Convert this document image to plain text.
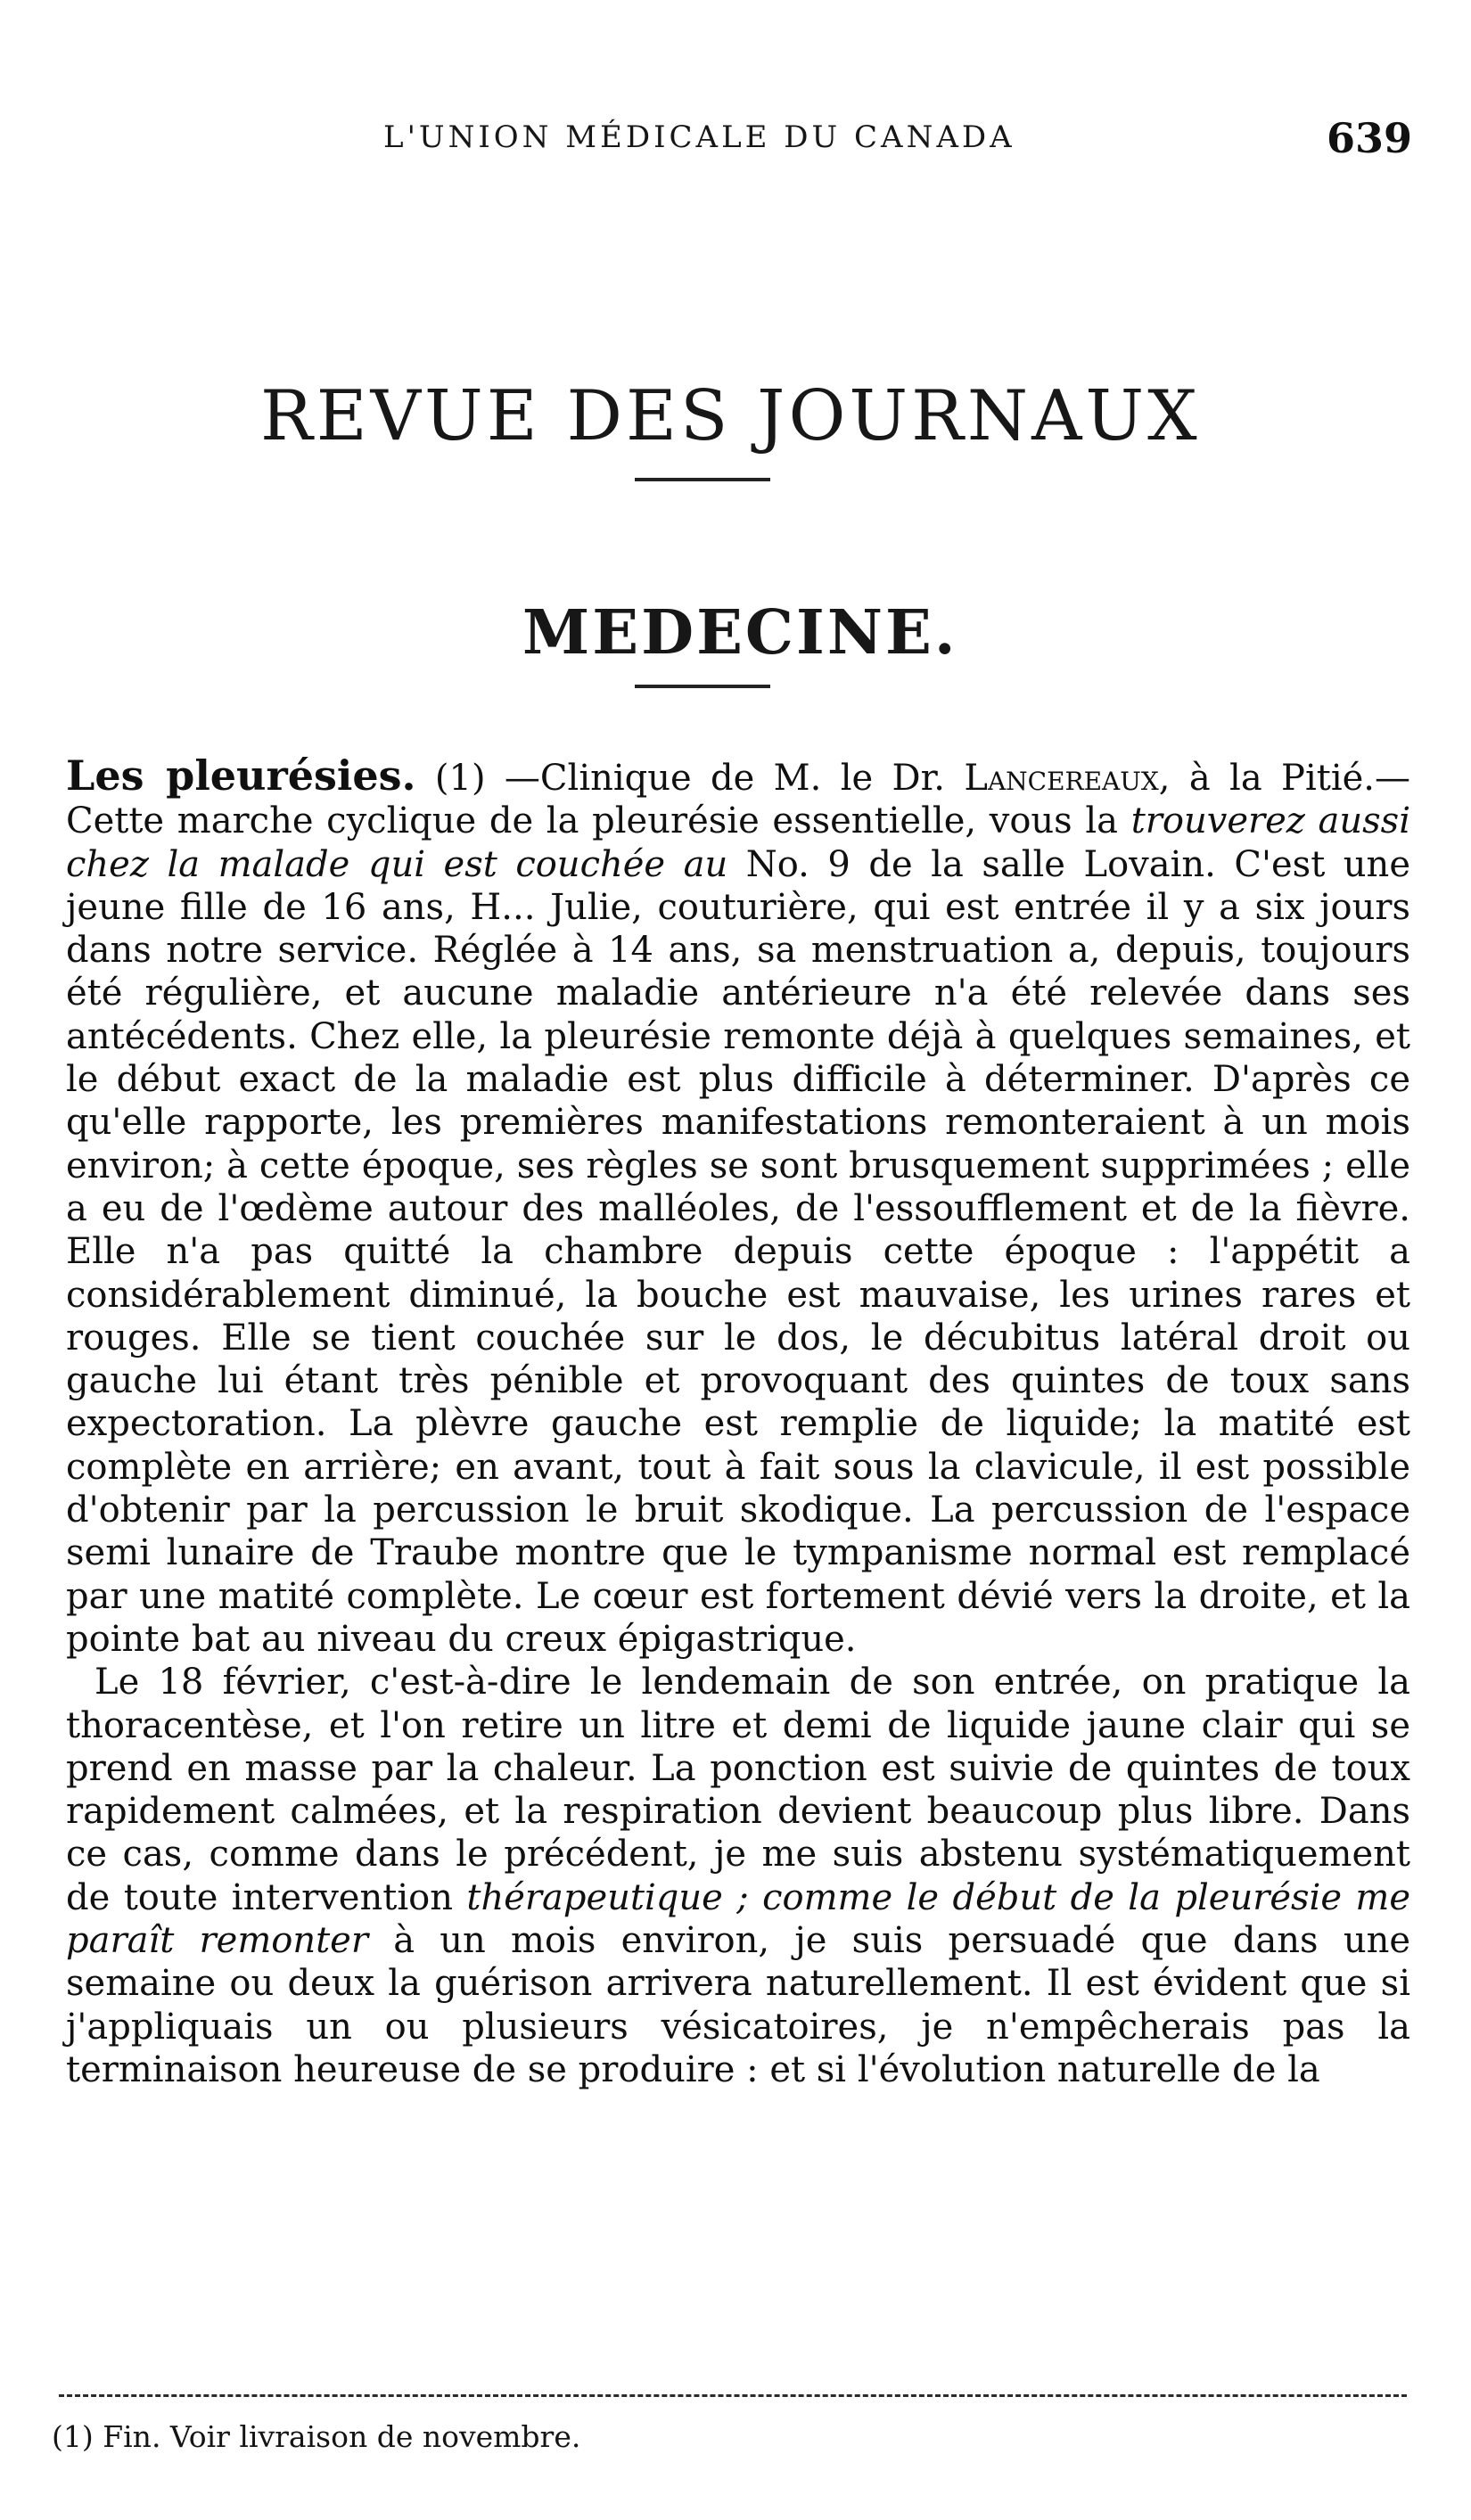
L'UNION MÉDICALE DU CANADA	639
REVUE DES JOURNAUX
MEDECINE.

Les pleurésies. (1) —Clinique de M. le Dr. Lancereaux, à la Pitié.—Cette marche cyclique de la pleurésie essentielle, vous la trouverez aussi chez la malade qui est couchée au No. 9 de la salle Lovain. C'est une jeune fille de 16 ans, H... Julie, couturière, qui est entrée il y a six jours dans notre service. Réglée à 14 ans, sa menstruation a, depuis, toujours été régulière, et aucune maladie antérieure n'a été relevée dans ses antécédents. Chez elle, la pleurésie remonte déjà à quelques semaines, et le début exact de la maladie est plus difficile à déterminer. D'après ce qu'elle rapporte, les premières manifestations remonteraient à un mois environ; à cette époque, ses règles se sont brusquement supprimées ; elle a eu de l'œdème autour des malléoles, de l'essoufflement et de la fièvre. Elle n'a pas quitté la chambre depuis cette époque : l'appétit a considérablement diminué, la bouche est mauvaise, les urines rares et rouges. Elle se tient couchée sur le dos, le décubitus latéral droit ou gauche lui étant très pénible et provoquant des quintes de toux sans expectoration. La plèvre gauche est remplie de liquide; la matité est complète en arrière; en avant, tout à fait sous la clavicule, il est possible d'obtenir par la percussion le bruit skodique. La percussion de l'espace semi lunaire de Traube montre que le tympanisme normal est remplacé par une matité complète. Le cœur est fortement dévié vers la droite, et la pointe bat au niveau du creux épigastrique.

Le 18 février, c'est-à-dire le lendemain de son entrée, on pratique la thoracentèse, et l'on retire un litre et demi de liquide jaune clair qui se prend en masse par la chaleur. La ponction est suivie de quintes de toux rapidement calmées, et la respiration devient beaucoup plus libre. Dans ce cas, comme dans le précédent, je me suis abstenu systématiquement de toute intervention thérapeutique ; comme le début de la pleurésie me paraît remonter à un mois environ, je suis persuadé que dans une semaine ou deux la guérison arrivera naturellement. Il est évident que si j'appliquais un ou plusieurs vésicatoires, je n'empêcherais pas la terminaison heureuse de se produire : et si l'évolution naturelle de la

(1) Fin. Voir livraison de novembre.
